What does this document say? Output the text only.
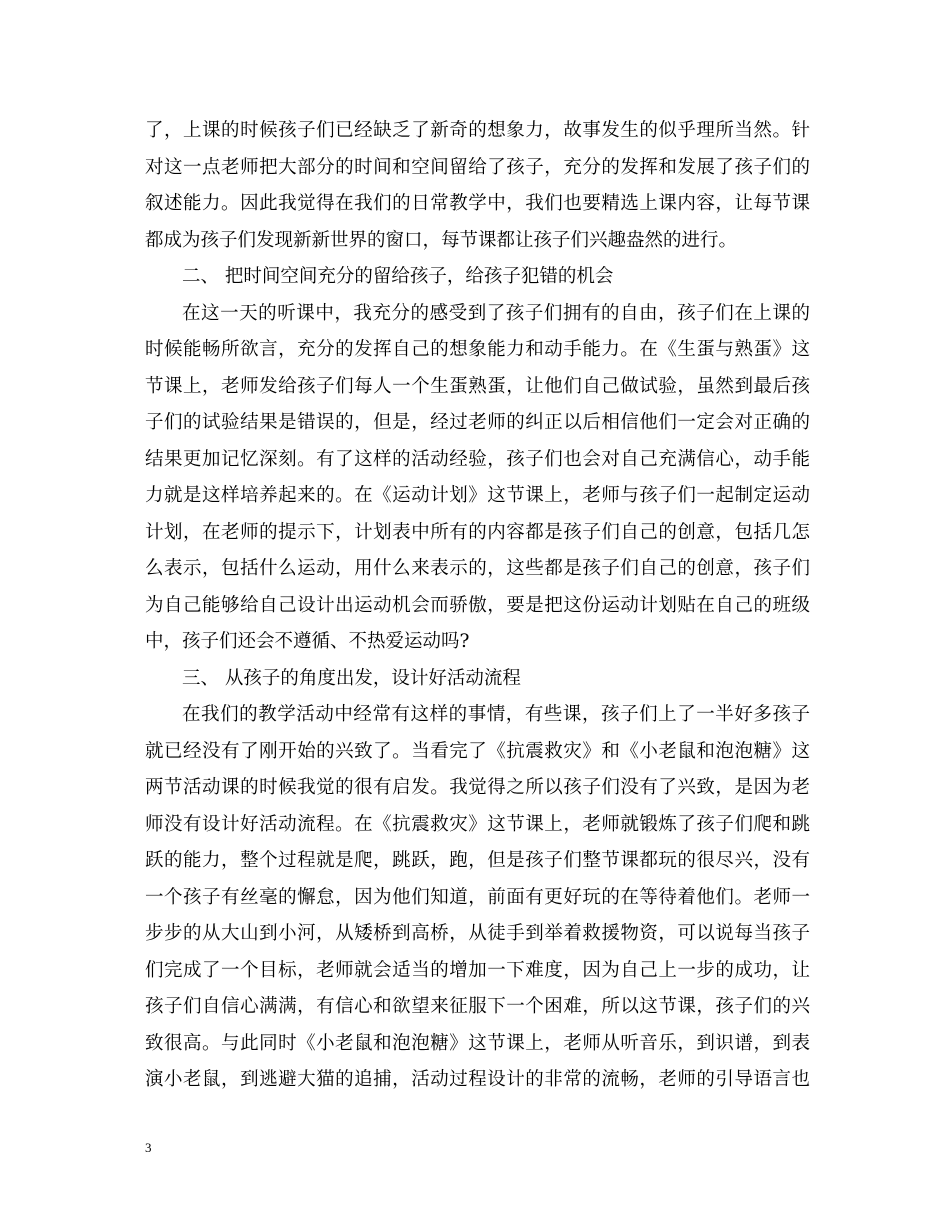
了，上课的时候孩子们已经缺乏了新奇的想象力，故事发生的似乎理所当然。针
对这一点老师把大部分的时间和空间留给了孩子，充分的发挥和发展了孩子们的
叙述能力。因此我觉得在我们的日常教学中，我们也要精选上课内容，让每节课
都成为孩子们发现新新世界的窗口，每节课都让孩子们兴趣盎然的进行。
二、 把时间空间充分的留给孩子，给孩子犯错的机会
在这一天的听课中，我充分的感受到了孩子们拥有的自由，孩子们在上课的
时候能畅所欲言，充分的发挥自己的想象能力和动手能力。在《生蛋与熟蛋》这
节课上，老师发给孩子们每人一个生蛋熟蛋，让他们自己做试验，虽然到最后孩
子们的试验结果是错误的，但是，经过老师的纠正以后相信他们一定会对正确的
结果更加记忆深刻。有了这样的活动经验，孩子们也会对自己充满信心，动手能
力就是这样培养起来的。在《运动计划》这节课上，老师与孩子们一起制定运动
计划，在老师的提示下，计划表中所有的内容都是孩子们自己的创意，包括几怎
么表示，包括什么运动，用什么来表示的，这些都是孩子们自己的创意，孩子们
为自己能够给自己设计出运动机会而骄傲，要是把这份运动计划贴在自己的班级
中，孩子们还会不遵循、不热爱运动吗?
三、 从孩子的角度出发，设计好活动流程
在我们的教学活动中经常有这样的事情，有些课，孩子们上了一半好多孩子
就已经没有了刚开始的兴致了。当看完了《抗震救灾》和《小老鼠和泡泡糖》这
两节活动课的时候我觉的很有启发。我觉得之所以孩子们没有了兴致，是因为老
师没有设计好活动流程。在《抗震救灾》这节课上，老师就锻炼了孩子们爬和跳
跃的能力，整个过程就是爬，跳跃，跑，但是孩子们整节课都玩的很尽兴，没有
一个孩子有丝毫的懈怠，因为他们知道，前面有更好玩的在等待着他们。老师一
步步的从大山到小河，从矮桥到高桥，从徒手到举着救援物资，可以说每当孩子
们完成了一个目标，老师就会适当的增加一下难度，因为自己上一步的成功，让
孩子们自信心满满，有信心和欲望来征服下一个困难，所以这节课，孩子们的兴
致很高。与此同时《小老鼠和泡泡糖》这节课上，老师从听音乐，到识谱，到表
演小老鼠，到逃避大猫的追捕，活动过程设计的非常的流畅，老师的引导语言也
3
